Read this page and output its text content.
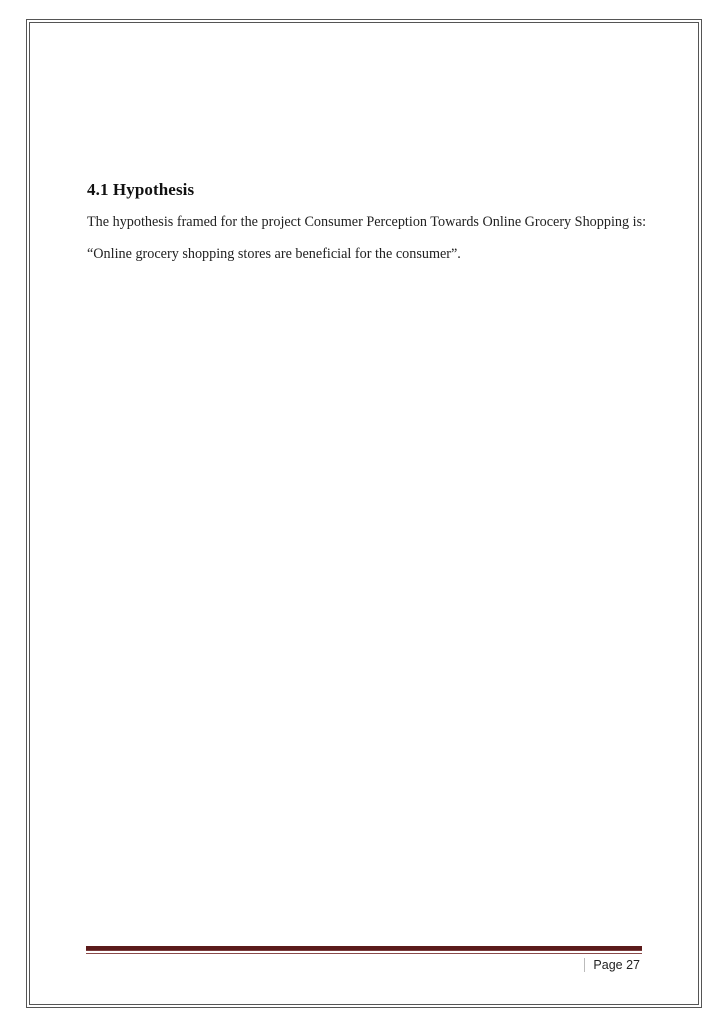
4.1 Hypothesis

The hypothesis framed for the project Consumer Perception Towards Online Grocery Shopping is:

“Online grocery shopping stores are beneficial for the consumer”.

Page 27
